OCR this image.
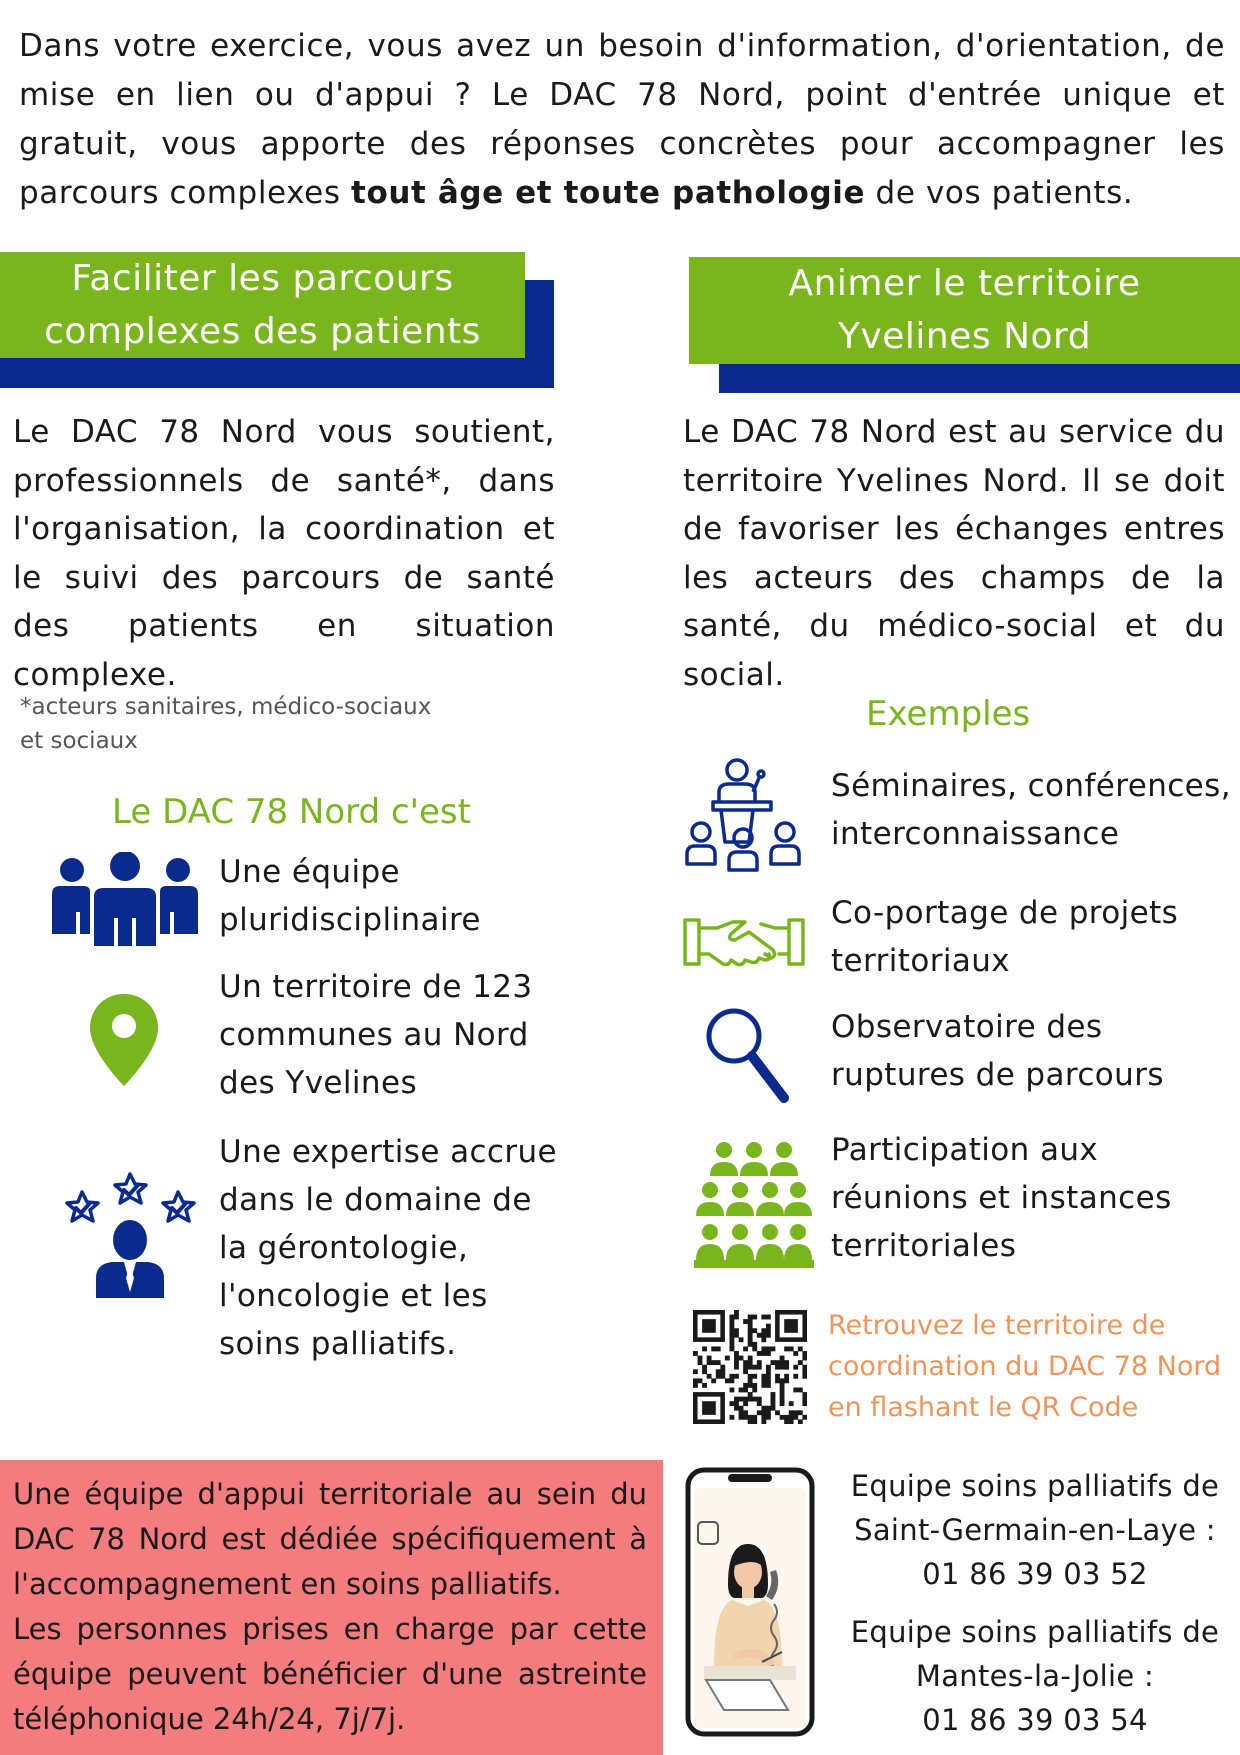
Dans votre exercice, vous avez un besoin d'information, d'orientation, de mise en lien ou d'appui ? Le DAC 78 Nord, point d'entrée unique et gratuit, vous apporte des réponses concrètes pour accompagner les parcours complexes tout âge et toute pathologie de vos patients.
Faciliter les parcours
complexes des patients
Animer le territoire
Yvelines Nord
Le DAC 78 Nord vous soutient, professionnels de santé*, dans l'organisation, la coordination et le suivi des parcours de santé des patients en situation complexe.
*acteurs sanitaires, médico-sociaux
et sociaux
Le DAC 78 Nord c'est
Une équipe
pluridisciplinaire
Un territoire de 123
communes au Nord
des Yvelines
Une expertise accrue
dans le domaine de
la gérontologie,
l'oncologie et les
soins palliatifs.
Le DAC 78 Nord est au service du territoire Yvelines Nord. Il se doit de favoriser les échanges entres les acteurs des champs de la santé, du médico-social et du social.
Exemples
Séminaires, conférences,
interconnaissance
Co-portage de projets
territoriaux
Observatoire des
ruptures de parcours
Participation aux
réunions et instances
territoriales
Retrouvez le territoire de
coordination du DAC 78 Nord
en flashant le QR Code
Une équipe d'appui territoriale au sein du DAC 78 Nord est dédiée spécifiquement à l'accompagnement en soins palliatifs.
Les personnes prises en charge par cette équipe peuvent bénéficier d'une astreinte téléphonique 24h/24, 7j/7j.
Equipe soins palliatifs de
Saint-Germain-en-Laye :
01 86 39 03 52
Equipe soins palliatifs de
Mantes-la-Jolie :
01 86 39 03 54
